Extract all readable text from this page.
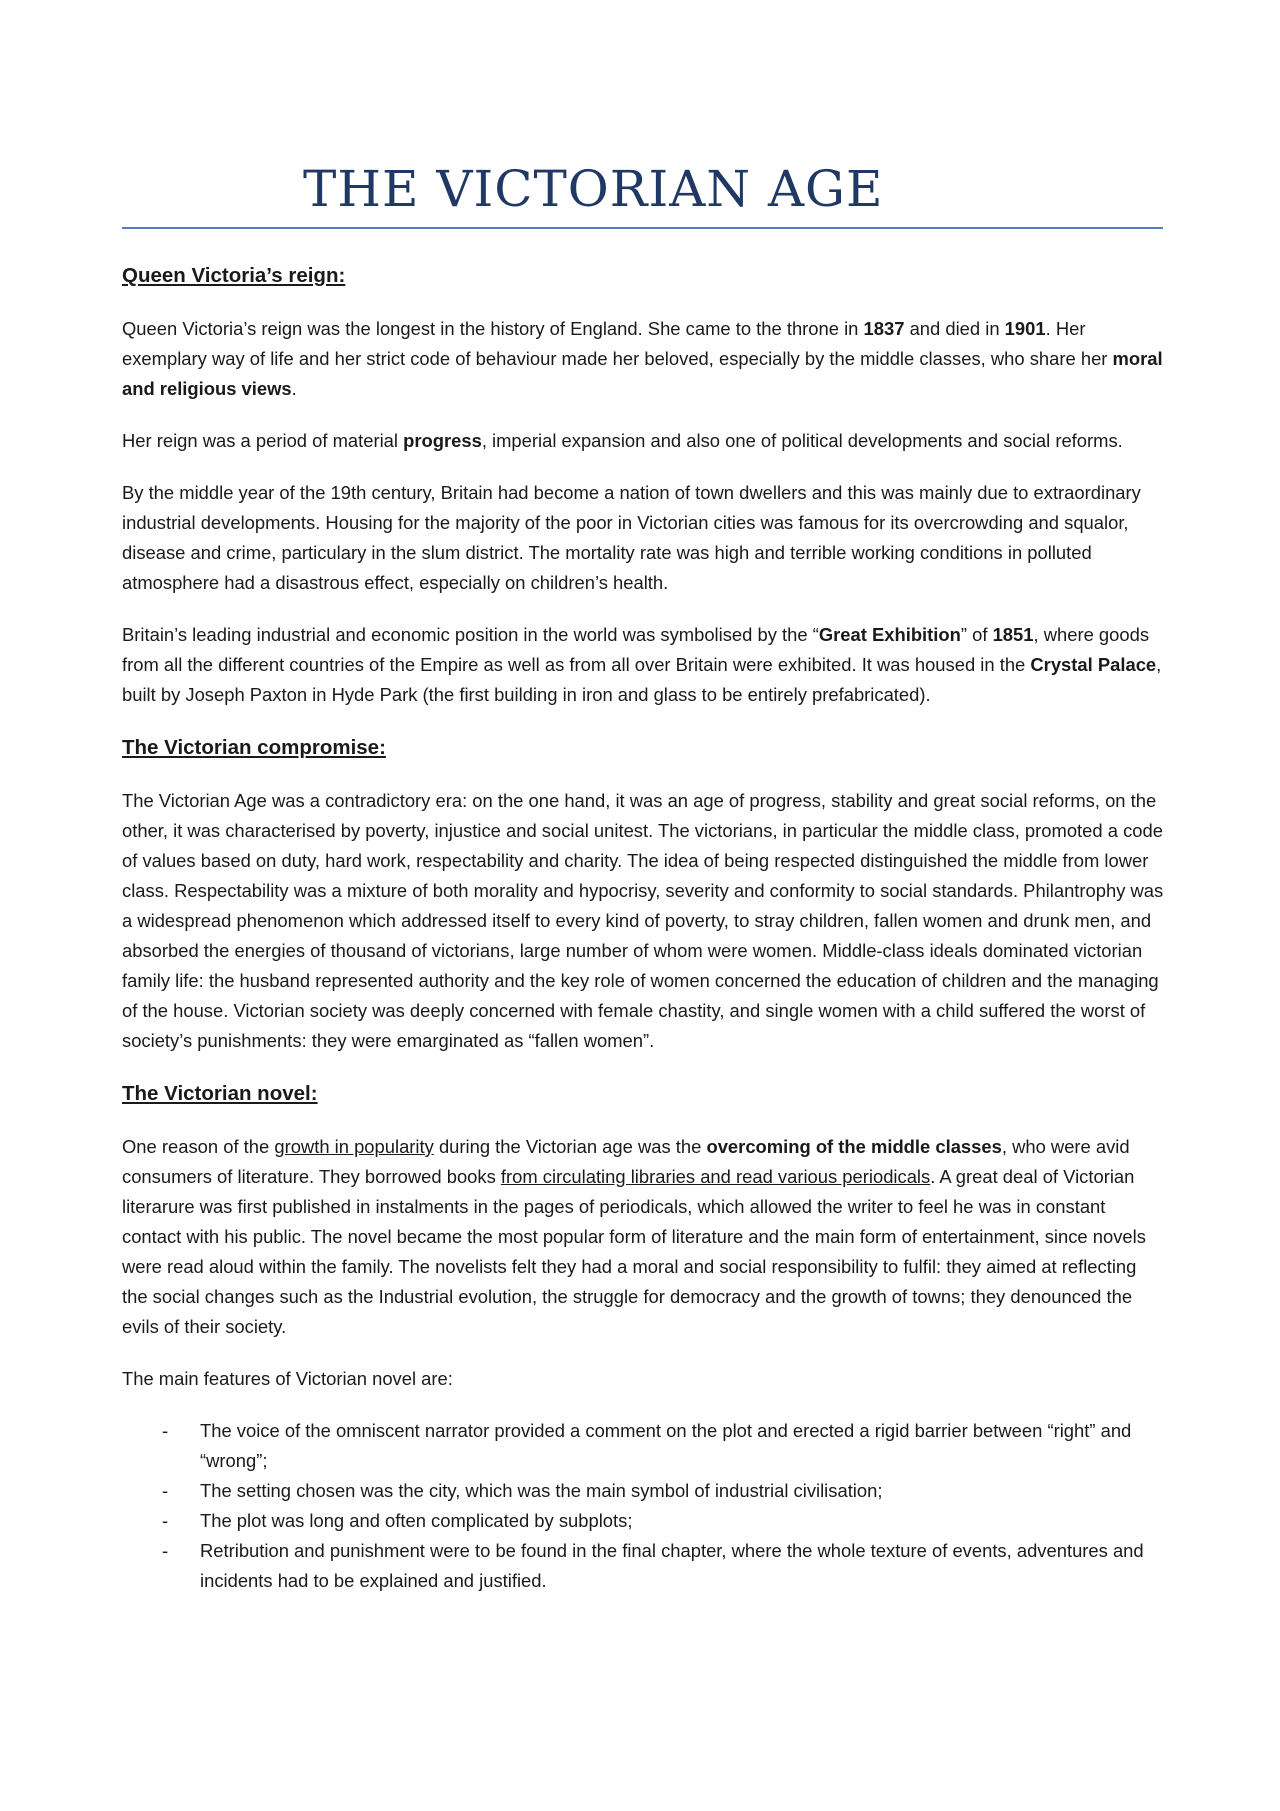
THE VICTORIAN AGE
Queen Victoria’s reign:

Queen Victoria’s reign was the longest in the history of England. She came to the throne in 1837 and died in 1901. Her exemplary way of life and her strict code of behaviour made her beloved, especially by the middle classes, who share her moral and religious views.

Her reign was a period of material progress, imperial expansion and also one of political developments and social reforms.

By the middle year of the 19th century, Britain had become a nation of town dwellers and this was mainly due to extraordinary industrial developments. Housing for the majority of the poor in Victorian cities was famous for its overcrowding and squalor, disease and crime, particulary in the slum district. The mortality rate was high and terrible working conditions in polluted atmosphere had a disastrous effect, especially on children’s health.

Britain’s leading industrial and economic position in the world was symbolised by the “Great Exhibition” of 1851, where goods from all the different countries of the Empire as well as from all over Britain were exhibited. It was housed in the Crystal Palace, built by Joseph Paxton in Hyde Park (the first building in iron and glass to be entirely prefabricated).

The Victorian compromise:

The Victorian Age was a contradictory era: on the one hand, it was an age of progress, stability and great social reforms, on the other, it was characterised by poverty, injustice and social unitest. The victorians, in particular the middle class, promoted a code of values based on duty, hard work, respectability and charity. The idea of being respected distinguished the middle from lower class. Respectability was a mixture of both morality and hypocrisy, severity and conformity to social standards. Philantrophy was a widespread phenomenon which addressed itself to every kind of poverty, to stray children, fallen women and drunk men, and absorbed the energies of thousand of victorians, large number of whom were women. Middle-class ideals dominated victorian family life: the husband represented authority and the key role of women concerned the education of children and the managing of the house. Victorian society was deeply concerned with female chastity, and single women with a child suffered the worst of society’s punishments: they were emarginated as “fallen women”.

The Victorian novel:

One reason of the growth in popularity during the Victorian age was the overcoming of the middle classes, who were avid consumers of literature. They borrowed books from circulating libraries and read various periodicals. A great deal of Victorian literarure was first published in instalments in the pages of periodicals, which allowed the writer to feel he was in constant contact with his public. The novel became the most popular form of literature and the main form of entertainment, since novels were read aloud within the family. The novelists felt they had a moral and social responsibility to fulfil: they aimed at reflecting the social changes such as the Industrial evolution, the struggle for democracy and the growth of towns; they denounced the evils of their society.

The main features of Victorian novel are:

- The voice of the omniscent narrator provided a comment on the plot and erected a rigid barrier between “right” and “wrong”;
- The setting chosen was the city, which was the main symbol of industrial civilisation;
- The plot was long and often complicated by subplots;
- Retribution and punishment were to be found in the final chapter, where the whole texture of events, adventures and incidents had to be explained and justified.
